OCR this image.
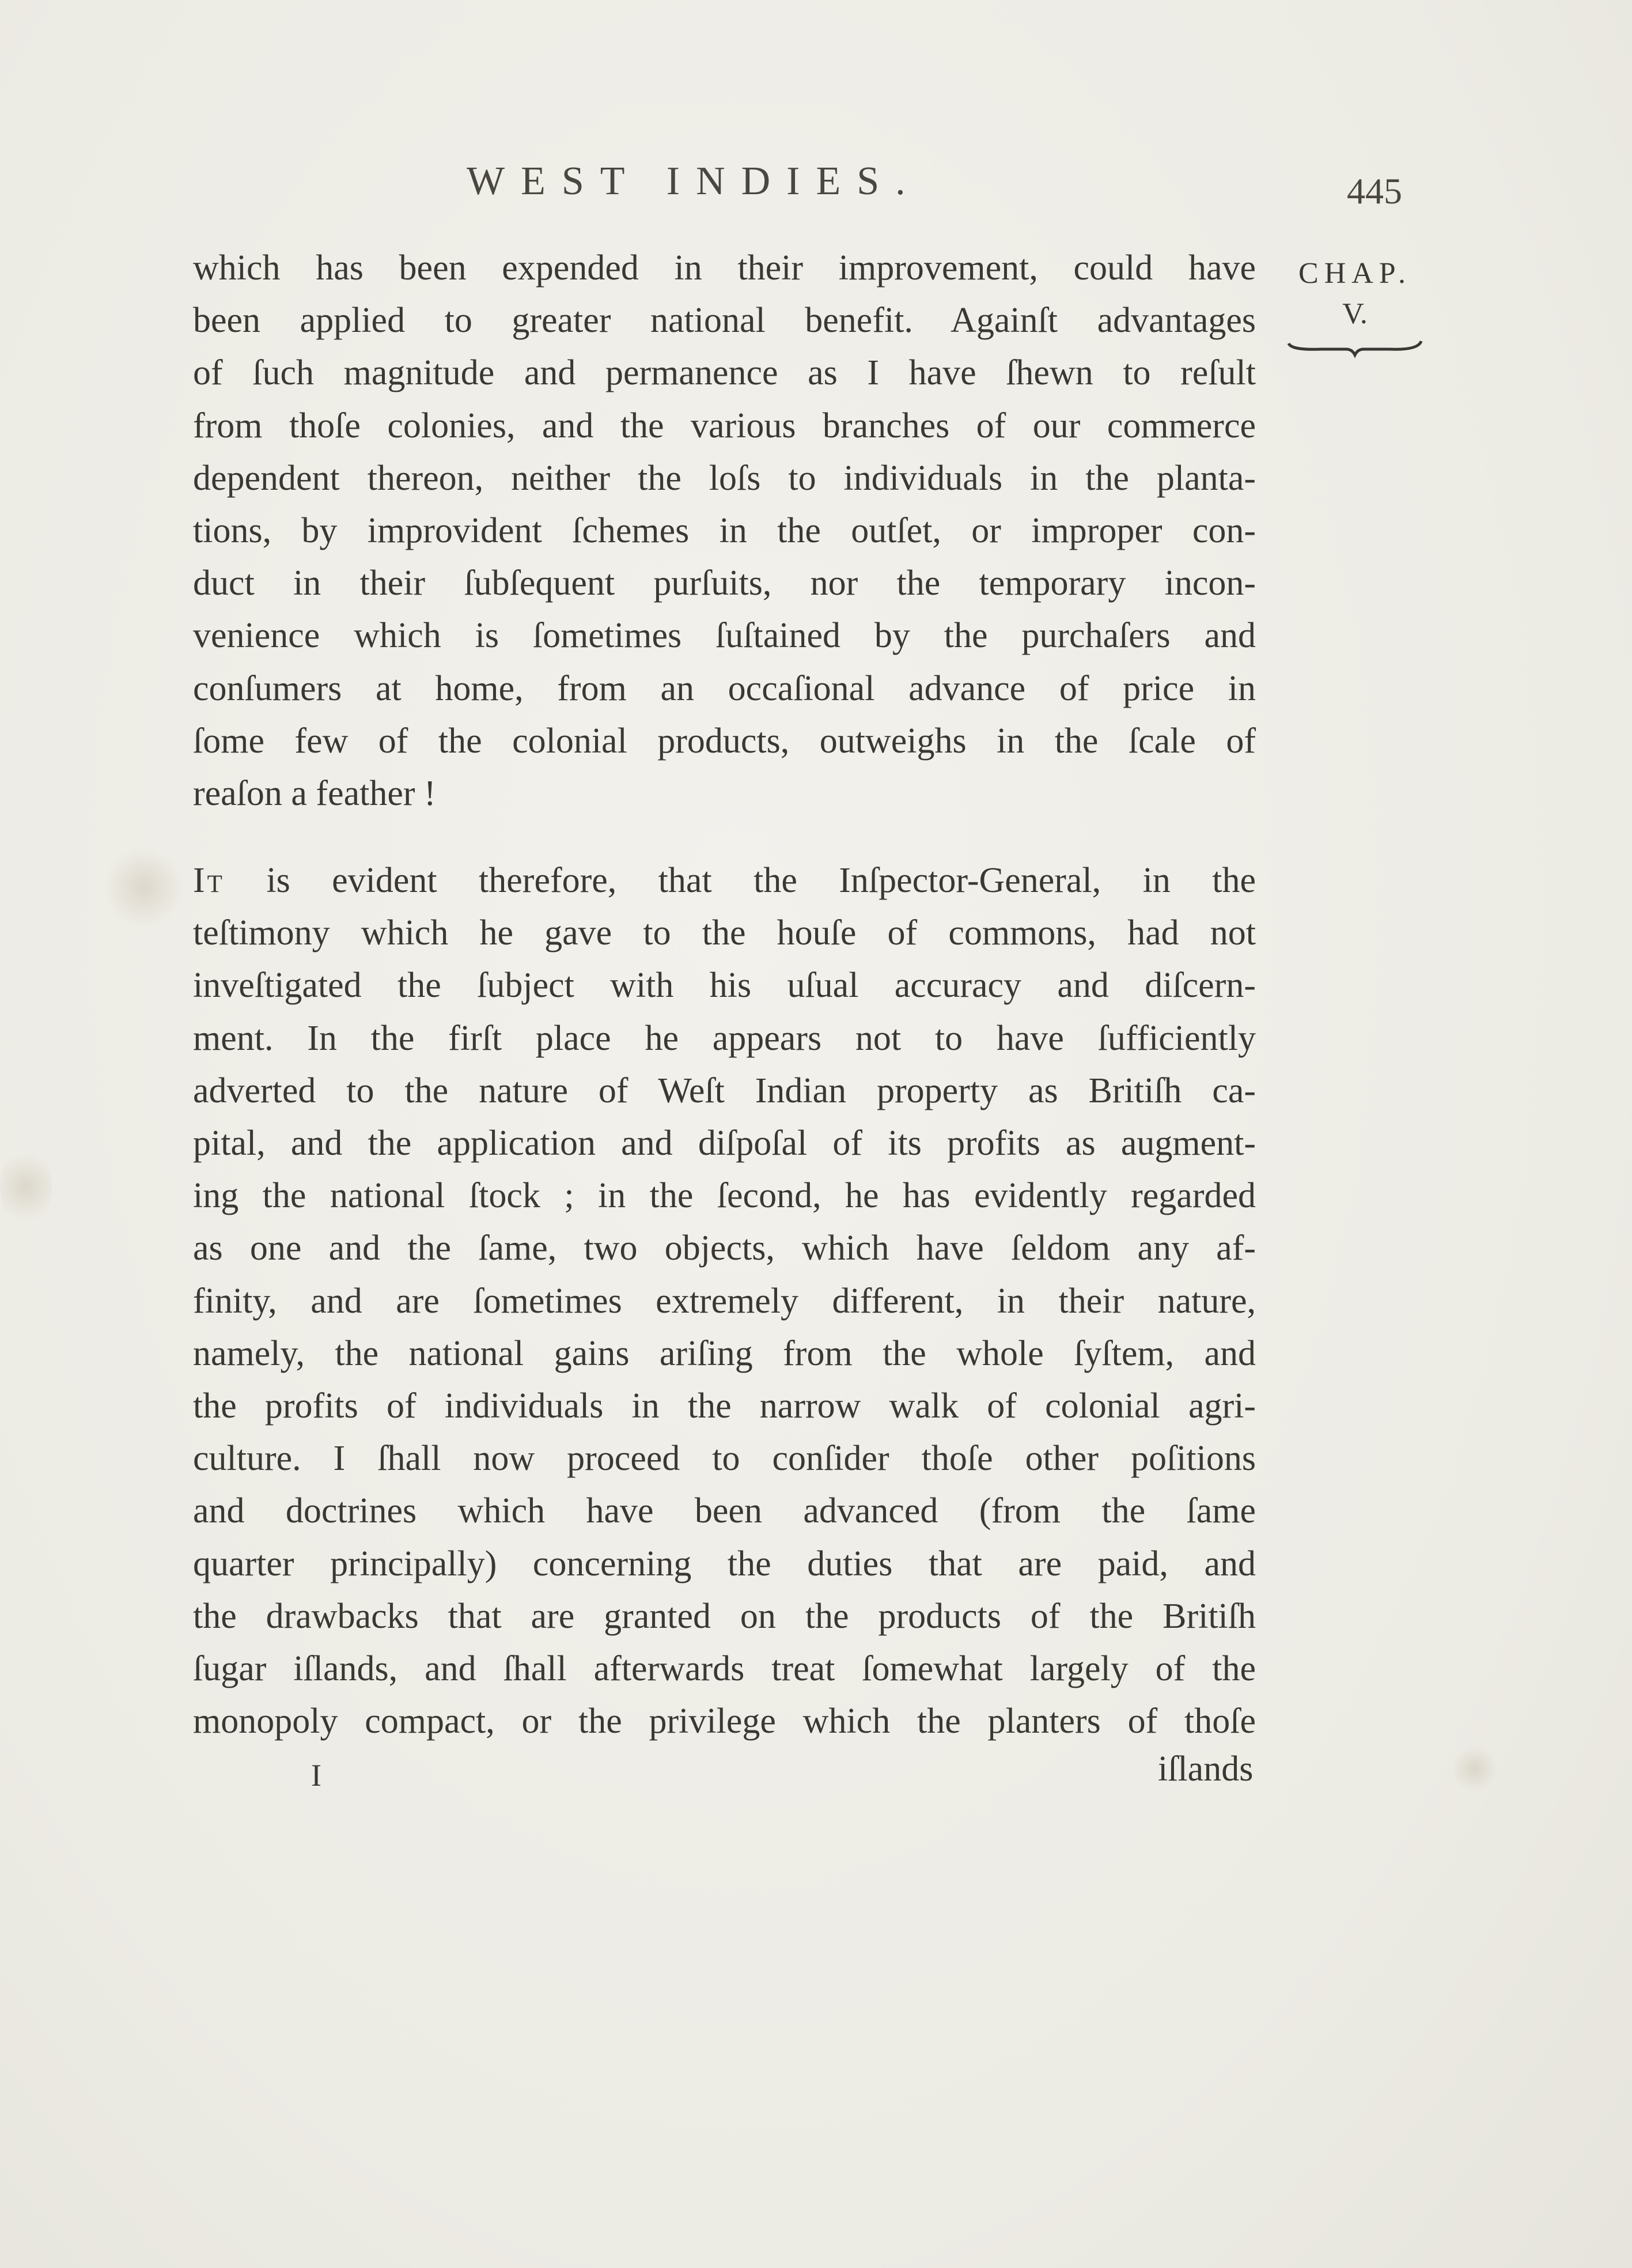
WEST INDIES.	445
CHAP.
V.
which has been expended in their improvement, could have
been applied to greater national benefit. Againſt advantages
of ſuch magnitude and permanence as I have ſhewn to reſult
from thoſe colonies, and the various branches of our commerce
dependent thereon, neither the loſs to individuals in the planta-
tions, by improvident ſchemes in the outſet, or improper con-
duct in their ſubſequent purſuits, nor the temporary incon-
venience which is ſometimes ſuſtained by the purchaſers and
conſumers at home, from an occaſional advance of price in
ſome few of the colonial products, outweighs in the ſcale of
reaſon a feather !
It is evident therefore, that the Inſpector-General, in the
teſtimony which he gave to the houſe of commons, had not
inveſtigated the ſubject with his uſual accuracy and diſcern-
ment. In the firſt place he appears not to have ſufficiently
adverted to the nature of Weſt Indian property as Britiſh ca-
pital, and the application and diſpoſal of its profits as augment-
ing the national ſtock ; in the ſecond, he has evidently regarded
as one and the ſame, two objects, which have ſeldom any af-
finity, and are ſometimes extremely different, in their nature,
namely, the national gains ariſing from the whole ſyſtem, and
the profits of individuals in the narrow walk of colonial agri-
culture. I ſhall now proceed to conſider thoſe other poſitions
and doctrines which have been advanced (from the ſame
quarter principally) concerning the duties that are paid, and
the drawbacks that are granted on the products of the Britiſh
ſugar iſlands, and ſhall afterwards treat ſomewhat largely of the
monopoly compact, or the privilege which the planters of thoſe
I	iſlands
